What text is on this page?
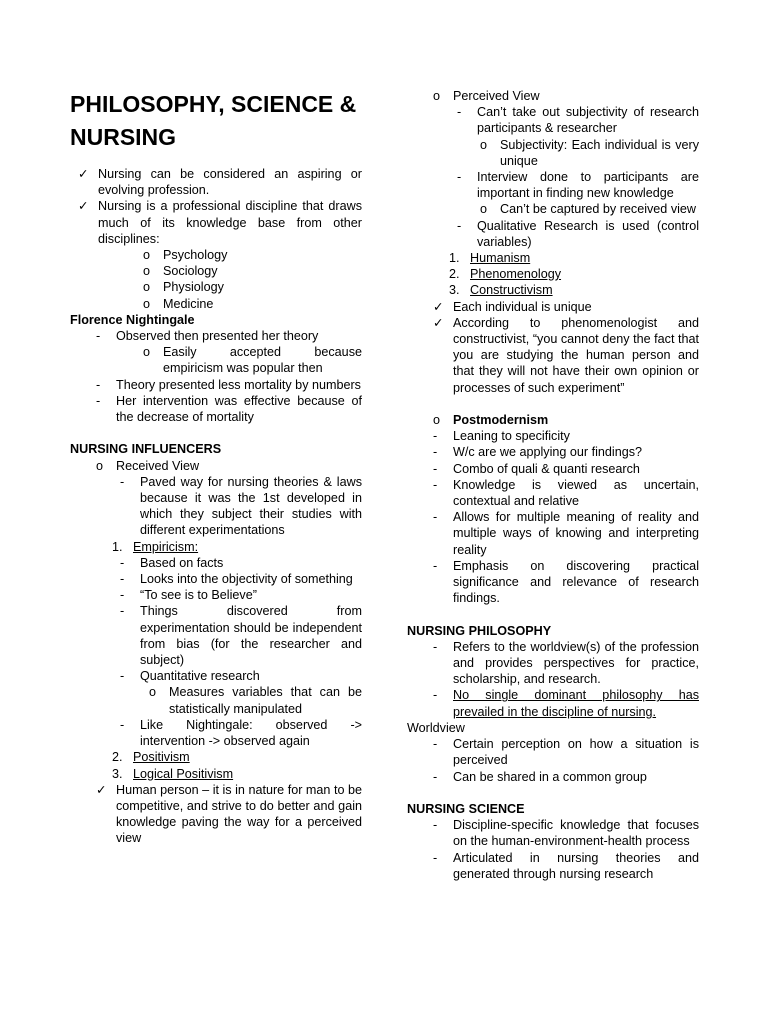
PHILOSOPHY, SCIENCE & NURSING
✓ Nursing can be considered an aspiring or evolving profession.
✓ Nursing is a professional discipline that draws much of its knowledge base from other disciplines:
o Psychology
o Sociology
o Physiology
o Medicine
Florence Nightingale
- Observed then presented her theory
o Easily accepted because empiricism was popular then
- Theory presented less mortality by numbers
- Her intervention was effective because of the decrease of mortality
NURSING INFLUENCERS
o Received View
- Paved way for nursing theories & laws because it was the 1st developed in which they subject their studies with different experimentations
1. Empiricism:
- Based on facts
- Looks into the objectivity of something
- “To see is to Believe”
- Things discovered from experimentation should be independent from bias (for the researcher and subject)
- Quantitative research
o Measures variables that can be statistically manipulated
- Like Nightingale: observed -> intervention -> observed again
2. Positivism
3. Logical Positivism
✓ Human person – it is in nature for man to be competitive, and strive to do better and gain knowledge paving the way for a perceived view
o Perceived View
- Can’t take out subjectivity of research participants & researcher
o Subjectivity: Each individual is very unique
- Interview done to participants are important in finding new knowledge
o Can’t be captured by received view
- Qualitative Research is used (control variables)
1. Humanism
2. Phenomenology
3. Constructivism
✓ Each individual is unique
✓ According to phenomenologist and constructivist, “you cannot deny the fact that you are studying the human person and that they will not have their own opinion or processes of such experiment”
o Postmodernism
- Leaning to specificity
- W/c are we applying our findings?
- Combo of quali & quanti research
- Knowledge is viewed as uncertain, contextual and relative
- Allows for multiple meaning of reality and multiple ways of knowing and interpreting reality
- Emphasis on discovering practical significance and relevance of research findings.
NURSING PHILOSOPHY
- Refers to the worldview(s) of the profession and provides perspectives for practice, scholarship, and research.
- No single dominant philosophy has prevailed in the discipline of nursing.
Worldview
- Certain perception on how a situation is perceived
- Can be shared in a common group
NURSING SCIENCE
- Discipline-specific knowledge that focuses on the human-environment-health process
- Articulated in nursing theories and generated through nursing research
